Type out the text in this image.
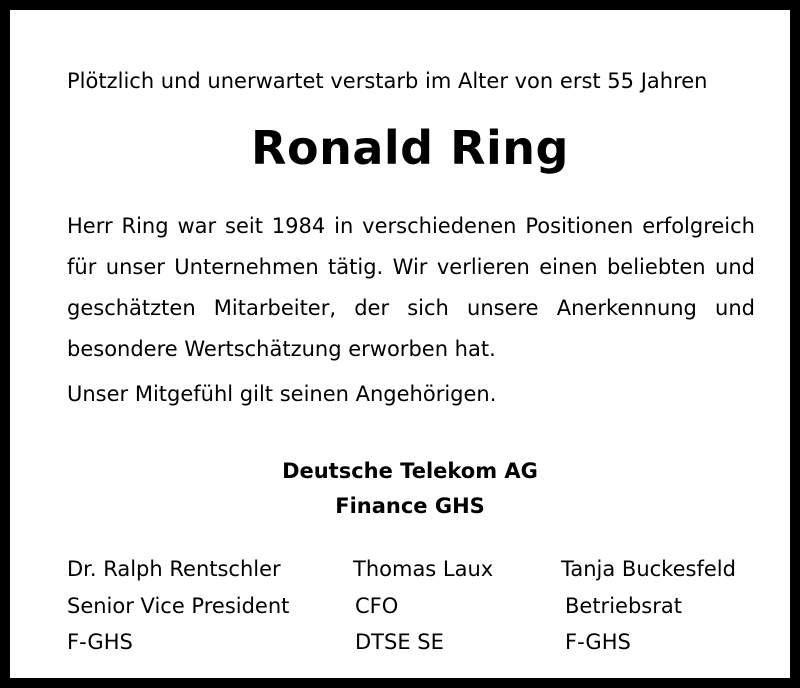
Plötzlich und unerwartet verstarb im Alter von erst 55 Jahren
Ronald Ring
Herr Ring war seit 1984 in verschiedenen Positionen erfolgreich für unser Unternehmen tätig. Wir verlieren einen beliebten und geschätzten Mitarbeiter, der sich unsere Anerkennung und besondere Wertschätzung erworben hat.
Unser Mitgefühl gilt seinen Angehörigen.
Deutsche Telekom AG
Finance GHS
Dr. Ralph Rentschler
Senior Vice President
F-GHS
Thomas Laux
CFO
DTSE SE
Tanja Buckesfeld
Betriebsrat
F-GHS
